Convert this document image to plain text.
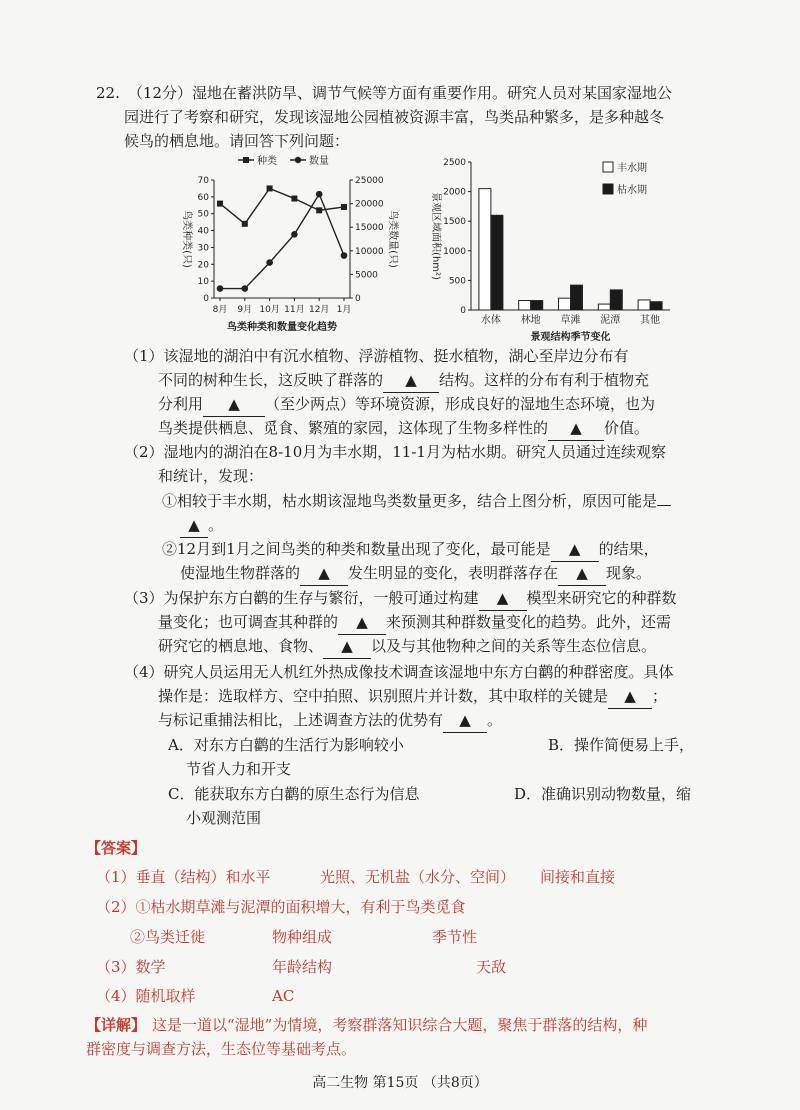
22. （12分）湿地在蓄洪防旱、调节气候等方面有重要作用。研究人员对某国家湿地公
园进行了考察和研究，发现该湿地公园植被资源丰富，鸟类品种繁多，是多种越冬
候鸟的栖息地。请回答下列问题：
种类	数量
0
10
20
30
40
50
60
70
0
5000
10000
15000
20000
25000
8月 9月 10月 11月 12月 1月
鸟类种类(只)	鸟类数量(只)
鸟类种类和数量变化趋势
0
500
1000
1500
2000
2500
景观区域面积(hm²)
水体 林地 草滩 泥潭 其他
景观结构季节变化
丰水期
枯水期
（1）该湿地的湖泊中有沉水植物、浮游植物、挺水植物，湖心至岸边分布有
不同的树种生长，这反映了群落的 ▲ 结构。这样的分布有利于植物充
分利用 ▲ （至少两点）等环境资源，形成良好的湿地生态环境，也为
鸟类提供栖息、觅食、繁殖的家园，这体现了生物多样性的 ▲ 价值。
（2）湿地内的湖泊在8-10月为丰水期，11-1月为枯水期。研究人员通过连续观察
和统计，发现：
①相较于丰水期，枯水期该湿地鸟类数量更多，结合上图分析，原因可能是
▲ 。
②12月到1月之间鸟类的种类和数量出现了变化，最可能是 ▲ 的结果，
使湿地生物群落的 ▲ 发生明显的变化，表明群落存在 ▲ 现象。
（3）为保护东方白鹳的生存与繁衍，一般可通过构建 ▲ 模型来研究它的种群数
量变化；也可调查其种群的 ▲ 来预测其种群数量变化的趋势。此外，还需
研究它的栖息地、食物、 ▲ 以及与其他物种之间的关系等生态位信息。
（4）研究人员运用无人机红外热成像技术调查该湿地中东方白鹳的种群密度。具体
操作是：选取样方、空中拍照、识别照片并计数，其中取样的关键是 ▲ ；
与标记重捕法相比，上述调查方法的优势有 ▲ 。
A．对东方白鹳的生活行为影响较小	B．操作简便易上手，
节省人力和开支
C．能获取东方白鹳的原生态行为信息	D．准确识别动物数量，缩
小观测范围
【答案】
（1）垂直（结构）和水平	光照、无机盐（水分、空间） 间接和直接
（2）①枯水期草滩与泥潭的面积增大，有利于鸟类觅食
②鸟类迁徙	物种组成	季节性
（3）数学	年龄结构	天敌
（4）随机取样	AC
【详解】 这是一道以“湿地”为情境，考察群落知识综合大题，聚焦于群落的结构，种
群密度与调查方法，生态位等基础考点。
高二生物 第15页 （共8页）
